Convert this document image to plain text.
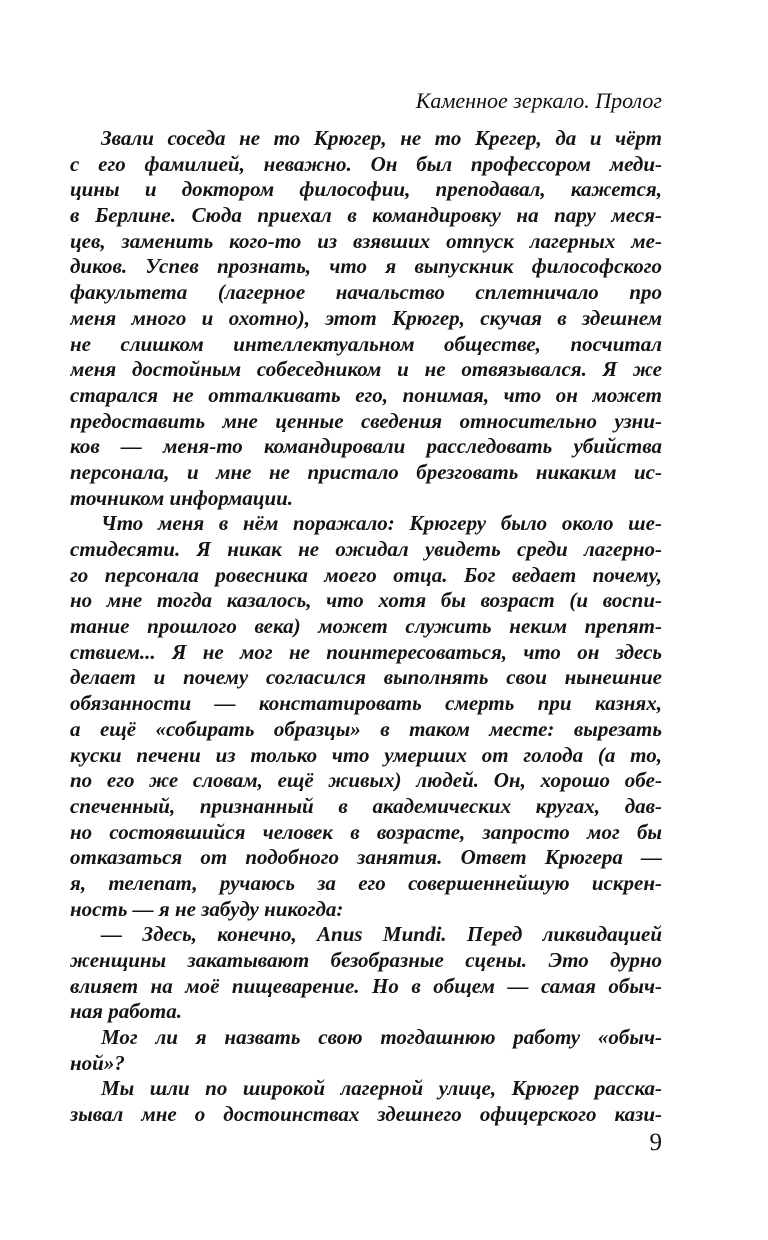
Каменное зеркало. Пролог
Звали соседа не то Крюгер, не то Крегер, да и чёрт
с его фамилией, неважно. Он был профессором меди-
цины и доктором философии, преподавал, кажется,
в Берлине. Сюда приехал в командировку на пару меся-
цев, заменить кого-то из взявших отпуск лагерных ме-
диков. Успев прознать, что я выпускник философского
факультета (лагерное начальство сплетничало про
меня много и охотно), этот Крюгер, скучая в здешнем
не слишком интеллектуальном обществе, посчитал
меня достойным собеседником и не отвязывался. Я же
старался не отталкивать его, понимая, что он может
предоставить мне ценные сведения относительно узни-
ков — меня-то командировали расследовать убийства
персонала, и мне не пристало брезговать никаким ис-
точником информации.
Что меня в нём поражало: Крюгеру было около ше-
стидесяти. Я никак не ожидал увидеть среди лагерно-
го персонала ровесника моего отца. Бог ведает почему,
но мне тогда казалось, что хотя бы возраст (и воспи-
тание прошлого века) может служить неким препят-
ствием... Я не мог не поинтересоваться, что он здесь
делает и почему согласился выполнять свои нынешние
обязанности — констатировать смерть при казнях,
а ещё «собирать образцы» в таком месте: вырезать
куски печени из только что умерших от голода (а то,
по его же словам, ещё живых) людей. Он, хорошо обе-
спеченный, признанный в академических кругах, дав-
но состоявшийся человек в возрасте, запросто мог бы
отказаться от подобного занятия. Ответ Крюгера —
я, телепат, ручаюсь за его совершеннейшую искрен-
ность — я не забуду никогда:
— Здесь, конечно, Anus Mundi. Перед ликвидацией
женщины закатывают безобразные сцены. Это дурно
влияет на моё пищеварение. Но в общем — самая обыч-
ная работа.
Мог ли я назвать свою тогдашнюю работу «обыч-
ной»?
Мы шли по широкой лагерной улице, Крюгер расска-
зывал мне о достоинствах здешнего офицерского кази-
9
